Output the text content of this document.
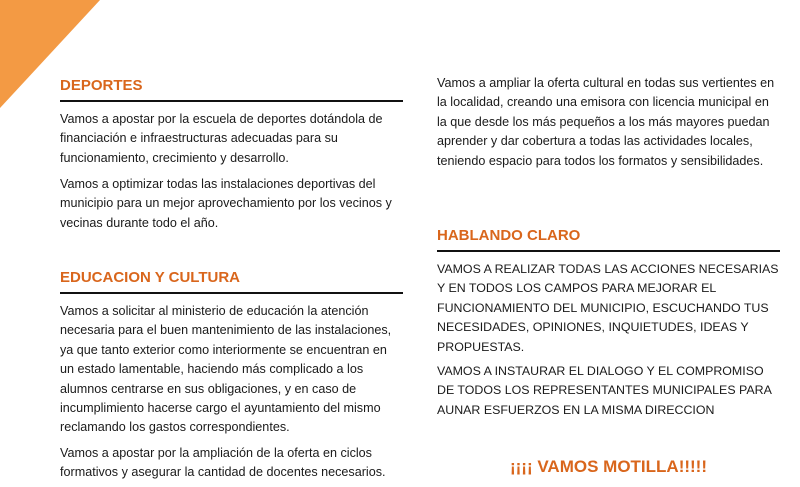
DEPORTES

Vamos a apostar por la escuela de deportes dotándola de financiación e infraestructuras adecuadas para su funcionamiento, crecimiento y desarrollo.

Vamos a optimizar todas las instalaciones deportivas del municipio para un mejor aprovechamiento por los vecinos y vecinas durante todo el año.

EDUCACION Y CULTURA

Vamos a solicitar al ministerio de educación la atención necesaria para el buen mantenimiento de las instalaciones, ya que tanto exterior como interiormente se encuentran en un estado lamentable, haciendo más complicado a los alumnos centrarse en sus obligaciones, y en caso de incumplimiento hacerse cargo el ayuntamiento del mismo reclamando los gastos correspondientes.

Vamos a apostar por la ampliación de la oferta en ciclos formativos y asegurar la cantidad de docentes necesarios.

Vamos a ampliar la oferta cultural en todas sus vertientes en la localidad, creando una emisora con licencia municipal en la que desde los más pequeños a los más mayores puedan aprender y dar cobertura a todas las actividades locales, teniendo espacio para todos los formatos y sensibilidades.

HABLANDO CLARO

VAMOS A REALIZAR TODAS LAS ACCIONES NECESARIAS Y EN TODOS LOS CAMPOS PARA MEJORAR EL FUNCIONAMIENTO DEL MUNICIPIO, ESCUCHANDO TUS NECESIDADES, OPINIONES, INQUIETUDES, IDEAS Y PROPUESTAS.

VAMOS A INSTAURAR EL DIALOGO Y EL COMPROMISO DE TODOS LOS REPRESENTANTES MUNICIPALES PARA AUNAR ESFUERZOS EN LA MISMA DIRECCION

¡¡¡¡ VAMOS MOTILLA!!!!!
